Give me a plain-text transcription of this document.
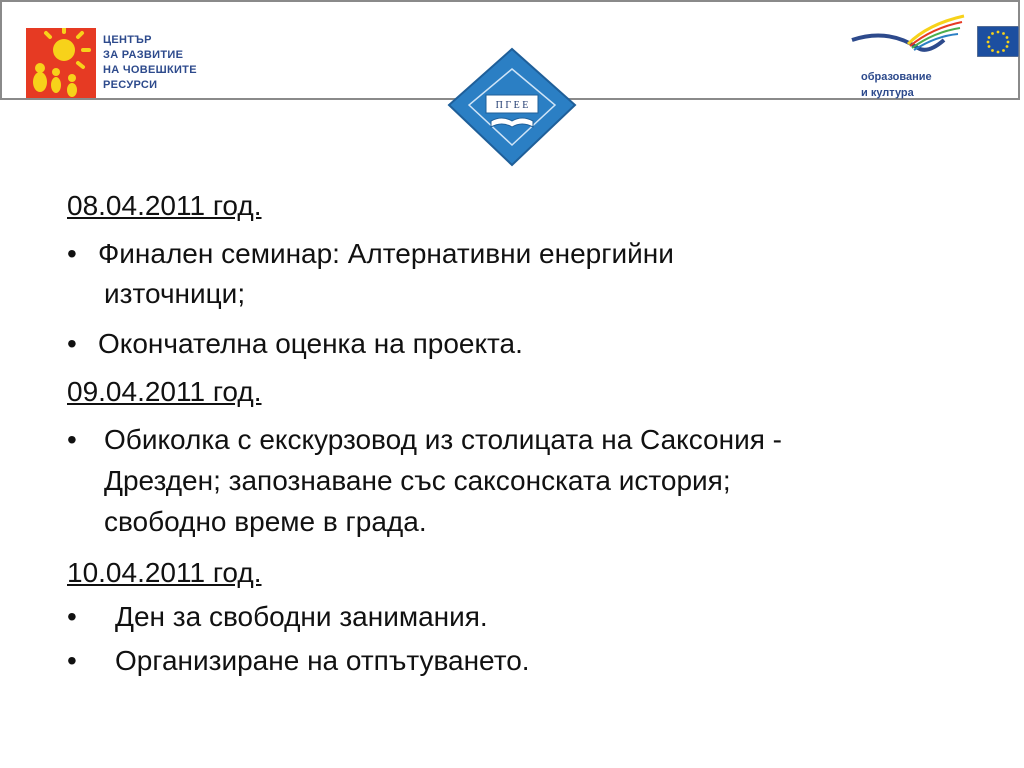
ЦЕНТЪР
ЗА РАЗВИТИЕ
НА ЧОВЕШКИТЕ
РЕСУРСИ
образование
и култура
П Г Е Е
08.04.2011 год.
• Финален семинар: Алтернативни енергийни
източници;
• Окончателна оценка на проекта.
09.04.2011 год.
• Обиколка с екскурзовод из столицата на Саксония -
Дрезден; запознаване със саксонската история;
свободно време в града.
10.04.2011 год.
• Ден за свободни занимания.
• Организиране на отпътуването.
